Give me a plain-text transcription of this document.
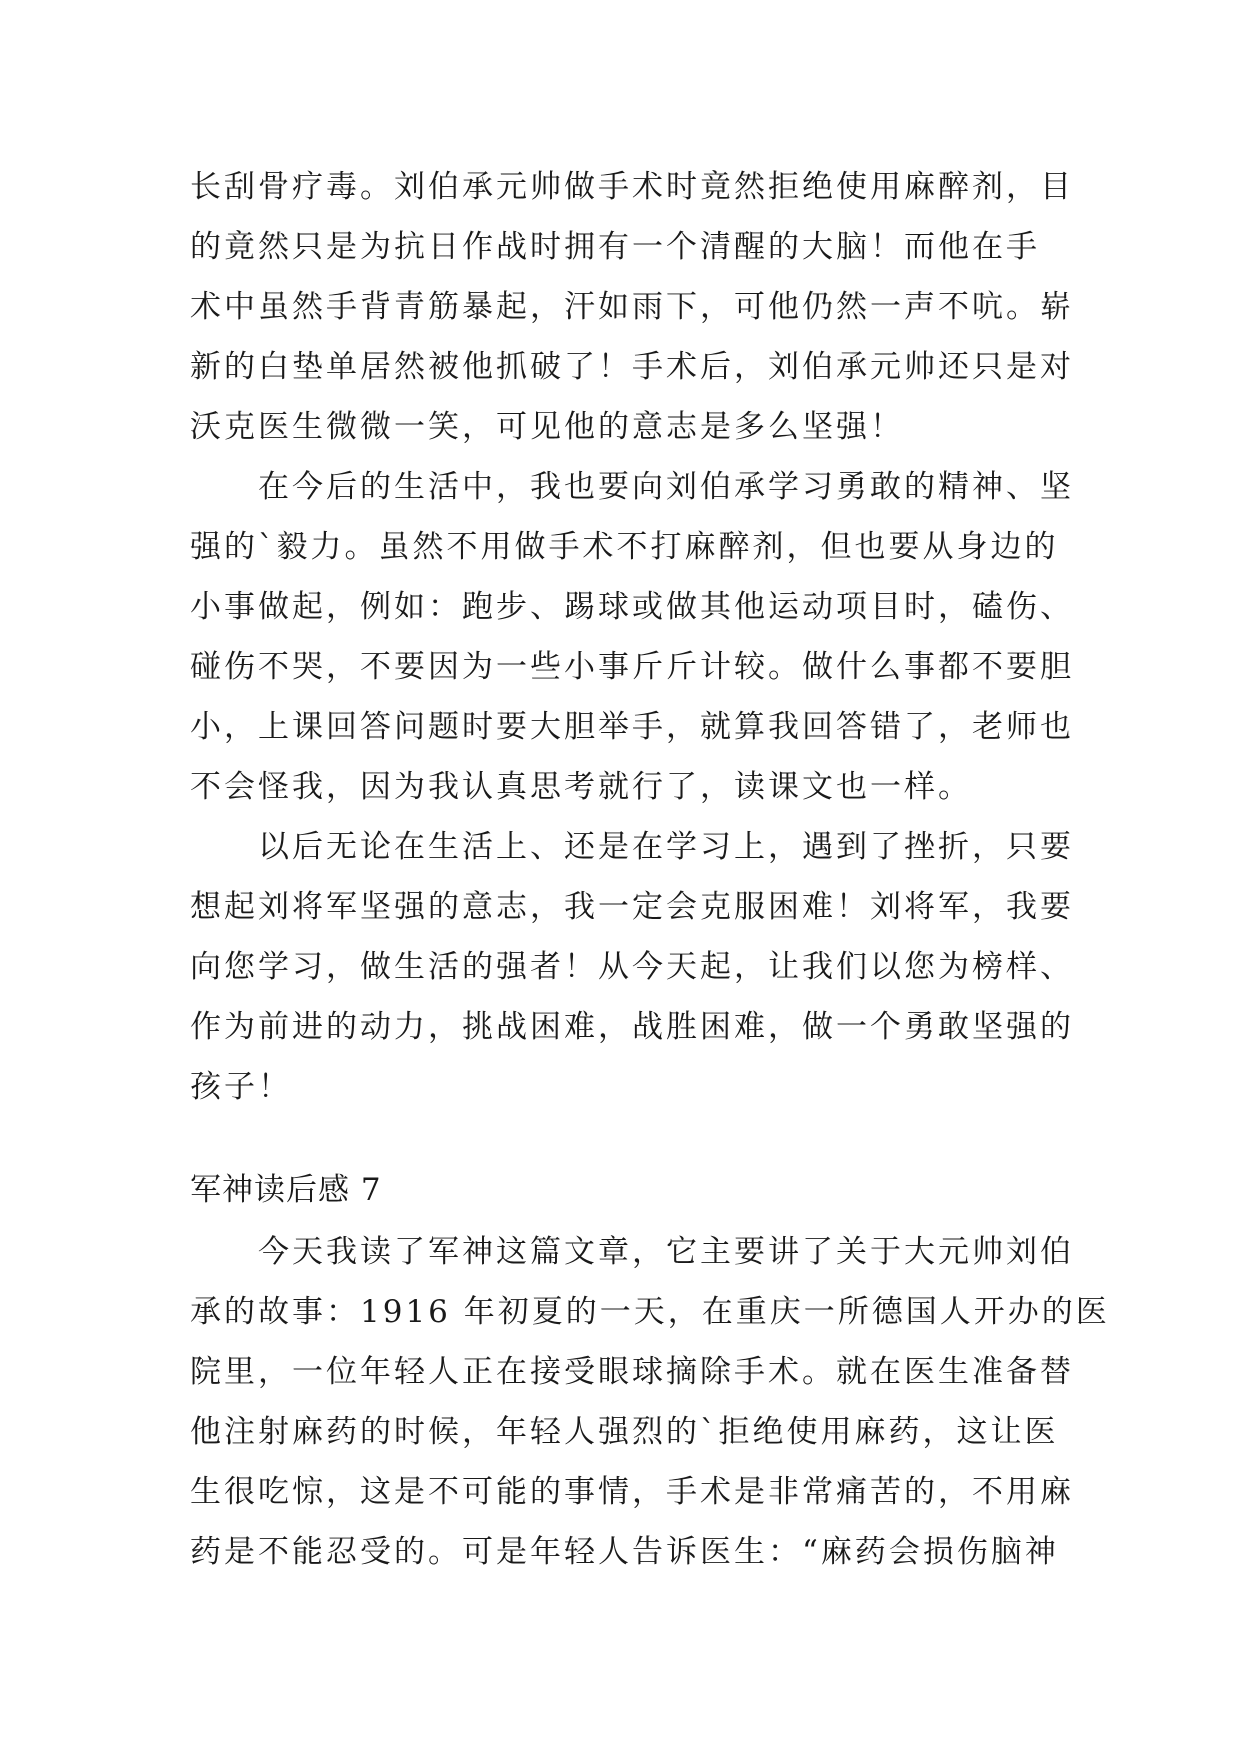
长刮骨疗毒。刘伯承元帅做手术时竟然拒绝使用麻醉剂，目
的竟然只是为抗日作战时拥有一个清醒的大脑！而他在手
术中虽然手背青筋暴起，汗如雨下，可他仍然一声不吭。崭
新的白垫单居然被他抓破了！手术后，刘伯承元帅还只是对
沃克医生微微一笑，可见他的意志是多么坚强！
　　在今后的生活中，我也要向刘伯承学习勇敢的精神、坚
强的`毅力。虽然不用做手术不打麻醉剂，但也要从身边的
小事做起，例如：跑步、踢球或做其他运动项目时，磕伤、
碰伤不哭，不要因为一些小事斤斤计较。做什么事都不要胆
小，上课回答问题时要大胆举手，就算我回答错了，老师也
不会怪我，因为我认真思考就行了，读课文也一样。
　　以后无论在生活上、还是在学习上，遇到了挫折，只要
想起刘将军坚强的意志，我一定会克服困难！刘将军，我要
向您学习，做生活的强者！从今天起，让我们以您为榜样、
作为前进的动力，挑战困难，战胜困难，做一个勇敢坚强的
孩子！
军神读后感 7
　　今天我读了军神这篇文章，它主要讲了关于大元帅刘伯
承的故事：1916 年初夏的一天，在重庆一所德国人开办的医
院里，一位年轻人正在接受眼球摘除手术。就在医生准备替
他注射麻药的时候，年轻人强烈的`拒绝使用麻药，这让医
生很吃惊，这是不可能的事情，手术是非常痛苦的，不用麻
药是不能忍受的。可是年轻人告诉医生：“麻药会损伤脑神
